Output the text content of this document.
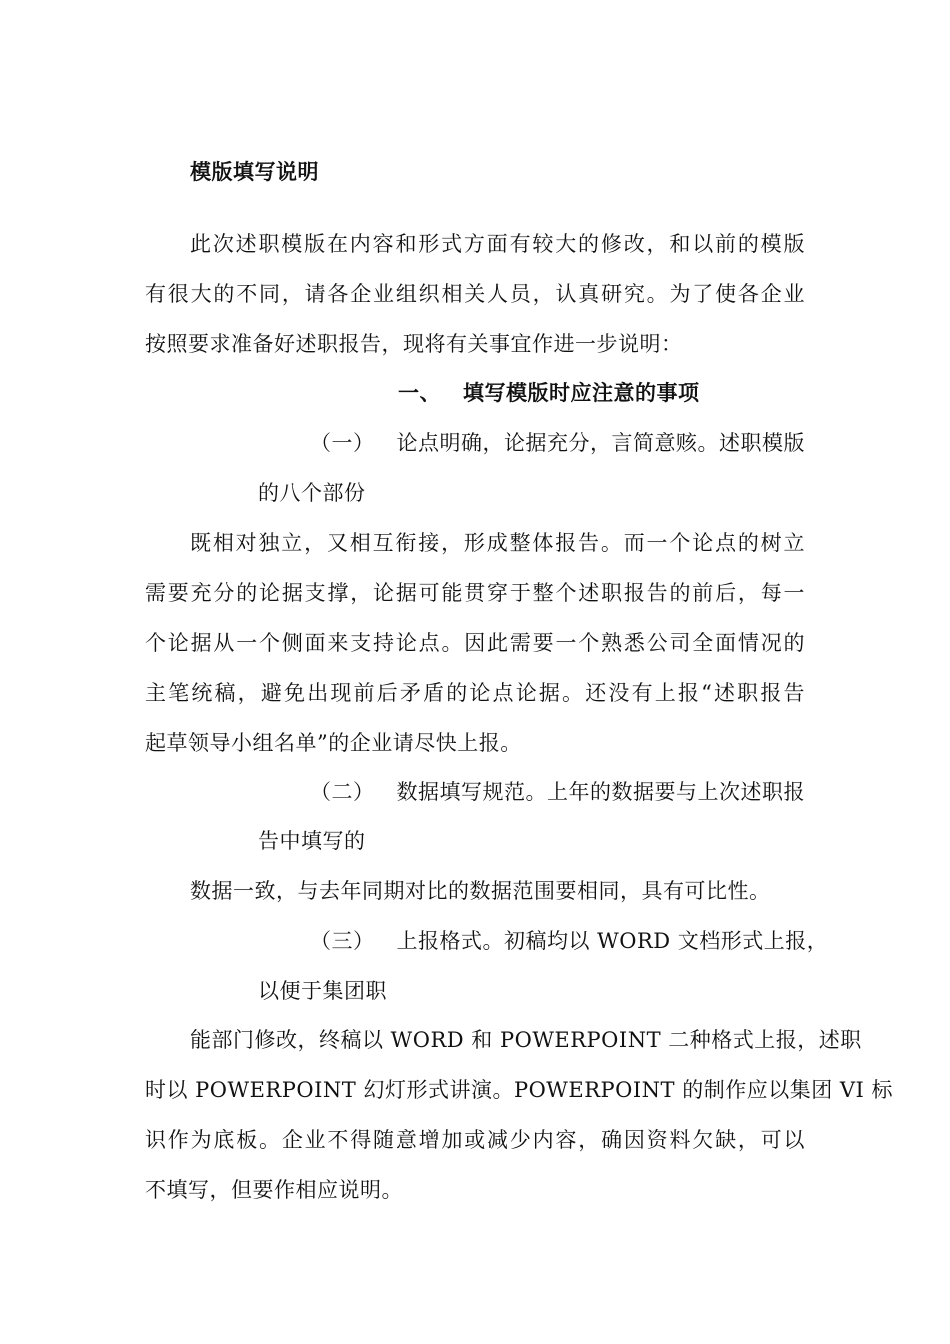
模版填写说明
此次述职模版在内容和形式方面有较大的修改，和以前的模版
有很大的不同，请各企业组织相关人员，认真研究。为了使各企业
按照要求准备好述职报告，现将有关事宜作进一步说明：
一、 填写模版时应注意的事项
（一） 论点明确，论据充分，言简意赅。述职模版
的八个部份
既相对独立，又相互衔接，形成整体报告。而一个论点的树立
需要充分的论据支撑，论据可能贯穿于整个述职报告的前后，每一
个论据从一个侧面来支持论点。因此需要一个熟悉公司全面情况的
主笔统稿，避免出现前后矛盾的论点论据。还没有上报“述职报告
起草领导小组名单”的企业请尽快上报。
（二） 数据填写规范。上年的数据要与上次述职报
告中填写的
数据一致，与去年同期对比的数据范围要相同，具有可比性。
（三） 上报格式。初稿均以 WORD 文档形式上报，
以便于集团职
能部门修改，终稿以 WORD 和 POWERPOINT 二种格式上报，述职
时以 POWERPOINT 幻灯形式讲演。POWERPOINT 的制作应以集团 VI 标
识作为底板。企业不得随意增加或减少内容，确因资料欠缺，可以
不填写，但要作相应说明。
